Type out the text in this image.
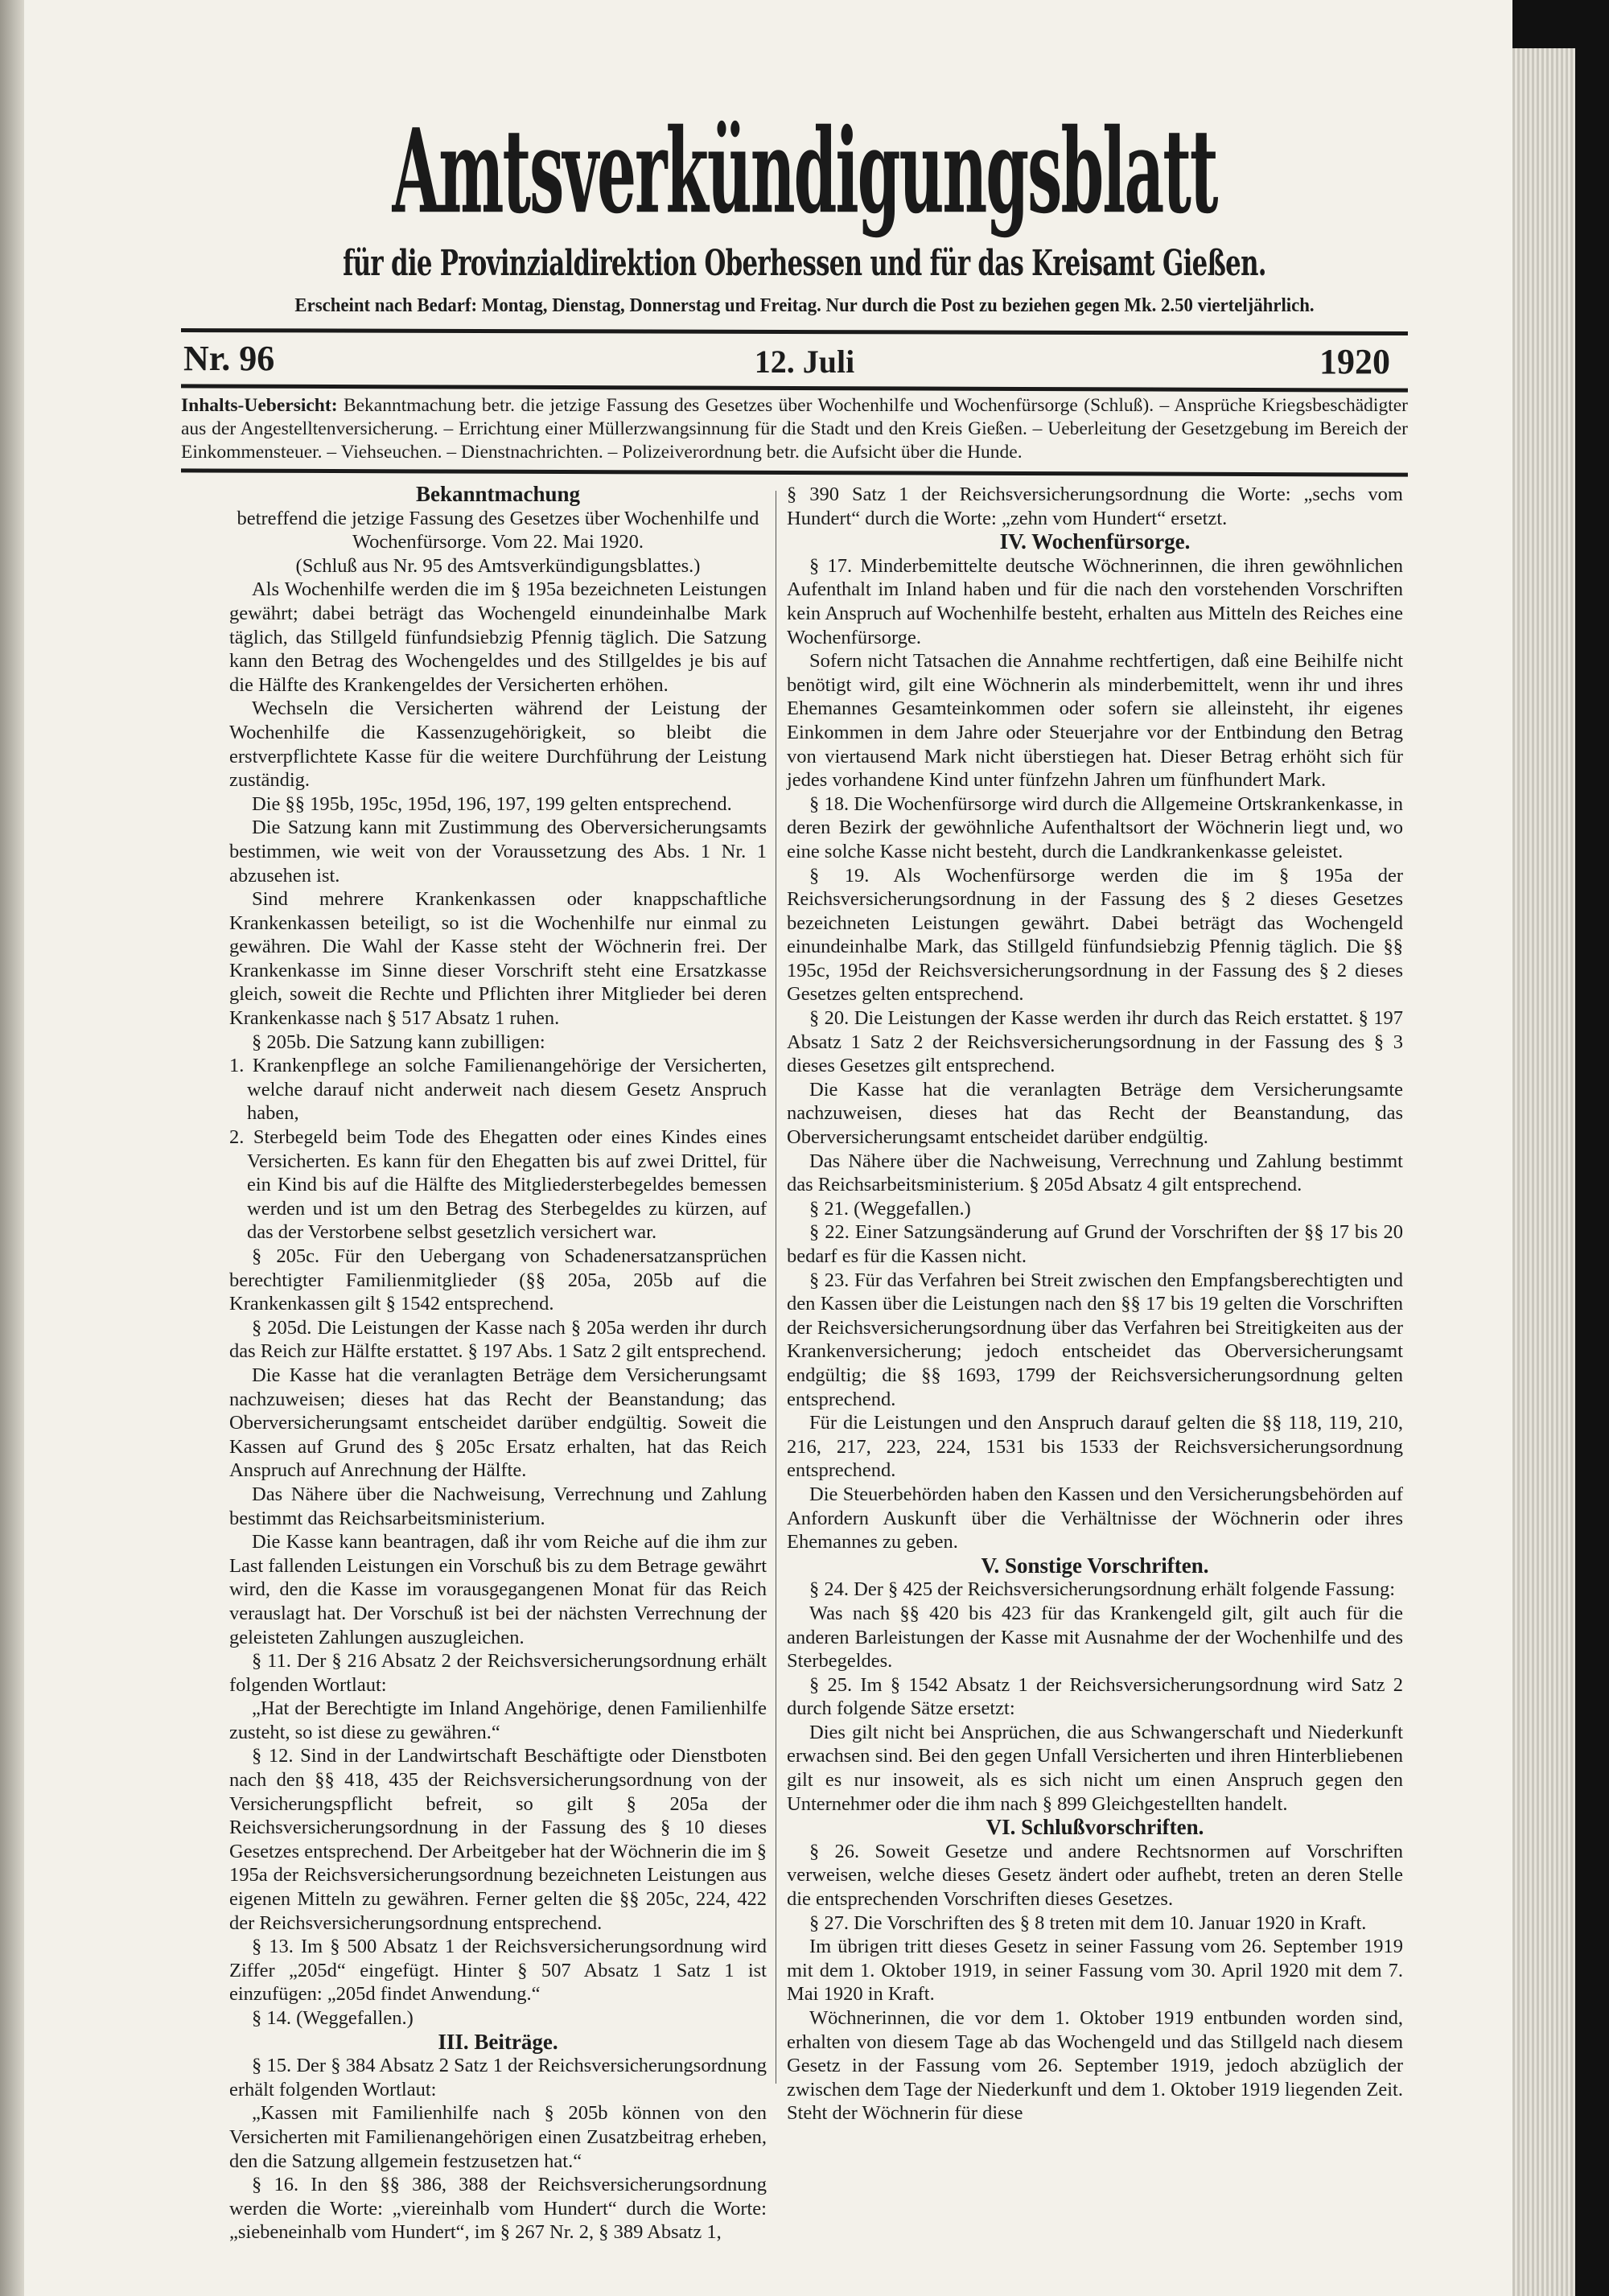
Amtsverkündigungsblatt
für die Provinzialdirektion Oberhessen und für das Kreisamt Gießen.
Erscheint nach Bedarf: Montag, Dienstag, Donnerstag und Freitag. Nur durch die Post zu beziehen gegen Mk. 2.50 vierteljährlich.
Nr. 96	12. Juli	1920
Inhalts-Uebersicht: Bekanntmachung betr. die jetzige Fassung des Gesetzes über Wochenhilfe und Wochenfürsorge (Schluß). – Ansprüche Kriegsbeschädigter aus der Angestelltenversicherung. – Errichtung einer Müllerzwangsinnung für die Stadt und den Kreis Gießen. – Ueberleitung der Gesetzgebung im Bereich der Einkommensteuer. – Viehseuchen. – Dienstnachrichten. – Polizeiverordnung betr. die Aufsicht über die Hunde.

Bekanntmachung

betreffend die jetzige Fassung des Gesetzes über Wochenhilfe und Wochenfürsorge. Vom 22. Mai 1920.

(Schluß aus Nr. 95 des Amtsverkündigungsblattes.)

Als Wochenhilfe werden die im § 195a bezeichneten Leistungen gewährt; dabei beträgt das Wochengeld einundeinhalbe Mark täglich, das Stillgeld fünfundsiebzig Pfennig täglich. Die Satzung kann den Betrag des Wochengeldes und des Stillgeldes je bis auf die Hälfte des Krankengeldes der Versicherten erhöhen.

Wechseln die Versicherten während der Leistung der Wochenhilfe die Kassenzugehörigkeit, so bleibt die erstverpflichtete Kasse für die weitere Durchführung der Leistung zuständig.

Die §§ 195b, 195c, 195d, 196, 197, 199 gelten entsprechend.

Die Satzung kann mit Zustimmung des Oberversicherungsamts bestimmen, wie weit von der Voraussetzung des Abs. 1 Nr. 1 abzusehen ist.

Sind mehrere Krankenkassen oder knappschaftliche Krankenkassen beteiligt, so ist die Wochenhilfe nur einmal zu gewähren. Die Wahl der Kasse steht der Wöchnerin frei. Der Krankenkasse im Sinne dieser Vorschrift steht eine Ersatzkasse gleich, soweit die Rechte und Pflichten ihrer Mitglieder bei deren Krankenkasse nach § 517 Absatz 1 ruhen.

§ 205b. Die Satzung kann zubilligen:

1. Krankenpflege an solche Familienangehörige der Versicherten, welche darauf nicht anderweit nach diesem Gesetz Anspruch haben,

2. Sterbegeld beim Tode des Ehegatten oder eines Kindes eines Versicherten. Es kann für den Ehegatten bis auf zwei Drittel, für ein Kind bis auf die Hälfte des Mitgliedersterbegeldes bemessen werden und ist um den Betrag des Sterbegeldes zu kürzen, auf das der Verstorbene selbst gesetzlich versichert war.

§ 205c. Für den Uebergang von Schadenersatzansprüchen berechtigter Familienmitglieder (§§ 205a, 205b auf die Krankenkassen gilt § 1542 entsprechend.

§ 205d. Die Leistungen der Kasse nach § 205a werden ihr durch das Reich zur Hälfte erstattet. § 197 Abs. 1 Satz 2 gilt entsprechend.

Die Kasse hat die veranlagten Beträge dem Versicherungsamt nachzuweisen; dieses hat das Recht der Beanstandung; das Oberversicherungsamt entscheidet darüber endgültig. Soweit die Kassen auf Grund des § 205c Ersatz erhalten, hat das Reich Anspruch auf Anrechnung der Hälfte.

Das Nähere über die Nachweisung, Verrechnung und Zahlung bestimmt das Reichsarbeitsministerium.

Die Kasse kann beantragen, daß ihr vom Reiche auf die ihm zur Last fallenden Leistungen ein Vorschuß bis zu dem Betrage gewährt wird, den die Kasse im vorausgegangenen Monat für das Reich verauslagt hat. Der Vorschuß ist bei der nächsten Verrechnung der geleisteten Zahlungen auszugleichen.

§ 11. Der § 216 Absatz 2 der Reichsversicherungsordnung erhält folgenden Wortlaut:

„Hat der Berechtigte im Inland Angehörige, denen Familienhilfe zusteht, so ist diese zu gewähren.“

§ 12. Sind in der Landwirtschaft Beschäftigte oder Dienstboten nach den §§ 418, 435 der Reichsversicherungsordnung von der Versicherungspflicht befreit, so gilt § 205a der Reichsversicherungsordnung in der Fassung des § 10 dieses Gesetzes entsprechend. Der Arbeitgeber hat der Wöchnerin die im § 195a der Reichsversicherungsordnung bezeichneten Leistungen aus eigenen Mitteln zu gewähren. Ferner gelten die §§ 205c, 224, 422 der Reichsversicherungsordnung entsprechend.

§ 13. Im § 500 Absatz 1 der Reichsversicherungsordnung wird Ziffer „205d“ eingefügt. Hinter § 507 Absatz 1 Satz 1 ist einzufügen: „205d findet Anwendung.“

§ 14. (Weggefallen.)

III. Beiträge.

§ 15. Der § 384 Absatz 2 Satz 1 der Reichsversicherungsordnung erhält folgenden Wortlaut:

„Kassen mit Familienhilfe nach § 205b können von den Versicherten mit Familienangehörigen einen Zusatzbeitrag erheben, den die Satzung allgemein festzusetzen hat.“

§ 16. In den §§ 386, 388 der Reichsversicherungsordnung werden die Worte: „viereinhalb vom Hundert“ durch die Worte: „siebeneinhalb vom Hundert“, im § 267 Nr. 2, § 389 Absatz 1,

§ 390 Satz 1 der Reichsversicherungsordnung die Worte: „sechs vom Hundert“ durch die Worte: „zehn vom Hundert“ ersetzt.

IV. Wochenfürsorge.

§ 17. Minderbemittelte deutsche Wöchnerinnen, die ihren gewöhnlichen Aufenthalt im Inland haben und für die nach den vorstehenden Vorschriften kein Anspruch auf Wochenhilfe besteht, erhalten aus Mitteln des Reiches eine Wochenfürsorge.

Sofern nicht Tatsachen die Annahme rechtfertigen, daß eine Beihilfe nicht benötigt wird, gilt eine Wöchnerin als minderbemittelt, wenn ihr und ihres Ehemannes Gesamteinkommen oder sofern sie alleinsteht, ihr eigenes Einkommen in dem Jahre oder Steuerjahre vor der Entbindung den Betrag von viertausend Mark nicht überstiegen hat. Dieser Betrag erhöht sich für jedes vorhandene Kind unter fünfzehn Jahren um fünfhundert Mark.

§ 18. Die Wochenfürsorge wird durch die Allgemeine Ortskrankenkasse, in deren Bezirk der gewöhnliche Aufenthaltsort der Wöchnerin liegt und, wo eine solche Kasse nicht besteht, durch die Landkrankenkasse geleistet.

§ 19. Als Wochenfürsorge werden die im § 195a der Reichsversicherungsordnung in der Fassung des § 2 dieses Gesetzes bezeichneten Leistungen gewährt. Dabei beträgt das Wochengeld einundeinhalbe Mark, das Stillgeld fünfundsiebzig Pfennig täglich. Die §§ 195c, 195d der Reichsversicherungsordnung in der Fassung des § 2 dieses Gesetzes gelten entsprechend.

§ 20. Die Leistungen der Kasse werden ihr durch das Reich erstattet. § 197 Absatz 1 Satz 2 der Reichsversicherungsordnung in der Fassung des § 3 dieses Gesetzes gilt entsprechend.

Die Kasse hat die veranlagten Beträge dem Versicherungsamte nachzuweisen, dieses hat das Recht der Beanstandung, das Oberversicherungsamt entscheidet darüber endgültig.

Das Nähere über die Nachweisung, Verrechnung und Zahlung bestimmt das Reichsarbeitsministerium. § 205d Absatz 4 gilt entsprechend.

§ 21. (Weggefallen.)

§ 22. Einer Satzungsänderung auf Grund der Vorschriften der §§ 17 bis 20 bedarf es für die Kassen nicht.

§ 23. Für das Verfahren bei Streit zwischen den Empfangsberechtigten und den Kassen über die Leistungen nach den §§ 17 bis 19 gelten die Vorschriften der Reichsversicherungsordnung über das Verfahren bei Streitigkeiten aus der Krankenversicherung; jedoch entscheidet das Oberversicherungsamt endgültig; die §§ 1693, 1799 der Reichsversicherungsordnung gelten entsprechend.

Für die Leistungen und den Anspruch darauf gelten die §§ 118, 119, 210, 216, 217, 223, 224, 1531 bis 1533 der Reichsversicherungsordnung entsprechend.

Die Steuerbehörden haben den Kassen und den Versicherungsbehörden auf Anfordern Auskunft über die Verhältnisse der Wöchnerin oder ihres Ehemannes zu geben.

V. Sonstige Vorschriften.

§ 24. Der § 425 der Reichsversicherungsordnung erhält folgende Fassung:

Was nach §§ 420 bis 423 für das Krankengeld gilt, gilt auch für die anderen Barleistungen der Kasse mit Ausnahme der der Wochenhilfe und des Sterbegeldes.

§ 25. Im § 1542 Absatz 1 der Reichsversicherungsordnung wird Satz 2 durch folgende Sätze ersetzt:

Dies gilt nicht bei Ansprüchen, die aus Schwangerschaft und Niederkunft erwachsen sind. Bei den gegen Unfall Versicherten und ihren Hinterbliebenen gilt es nur insoweit, als es sich nicht um einen Anspruch gegen den Unternehmer oder die ihm nach § 899 Gleichgestellten handelt.

VI. Schlußvorschriften.

§ 26. Soweit Gesetze und andere Rechtsnormen auf Vorschriften verweisen, welche dieses Gesetz ändert oder aufhebt, treten an deren Stelle die entsprechenden Vorschriften dieses Gesetzes.

§ 27. Die Vorschriften des § 8 treten mit dem 10. Januar 1920 in Kraft.

Im übrigen tritt dieses Gesetz in seiner Fassung vom 26. September 1919 mit dem 1. Oktober 1919, in seiner Fassung vom 30. April 1920 mit dem 7. Mai 1920 in Kraft.

Wöchnerinnen, die vor dem 1. Oktober 1919 entbunden worden sind, erhalten von diesem Tage ab das Wochengeld und das Stillgeld nach diesem Gesetz in der Fassung vom 26. September 1919, jedoch abzüglich der zwischen dem Tage der Niederkunft und dem 1. Oktober 1919 liegenden Zeit. Steht der Wöchnerin für diese
